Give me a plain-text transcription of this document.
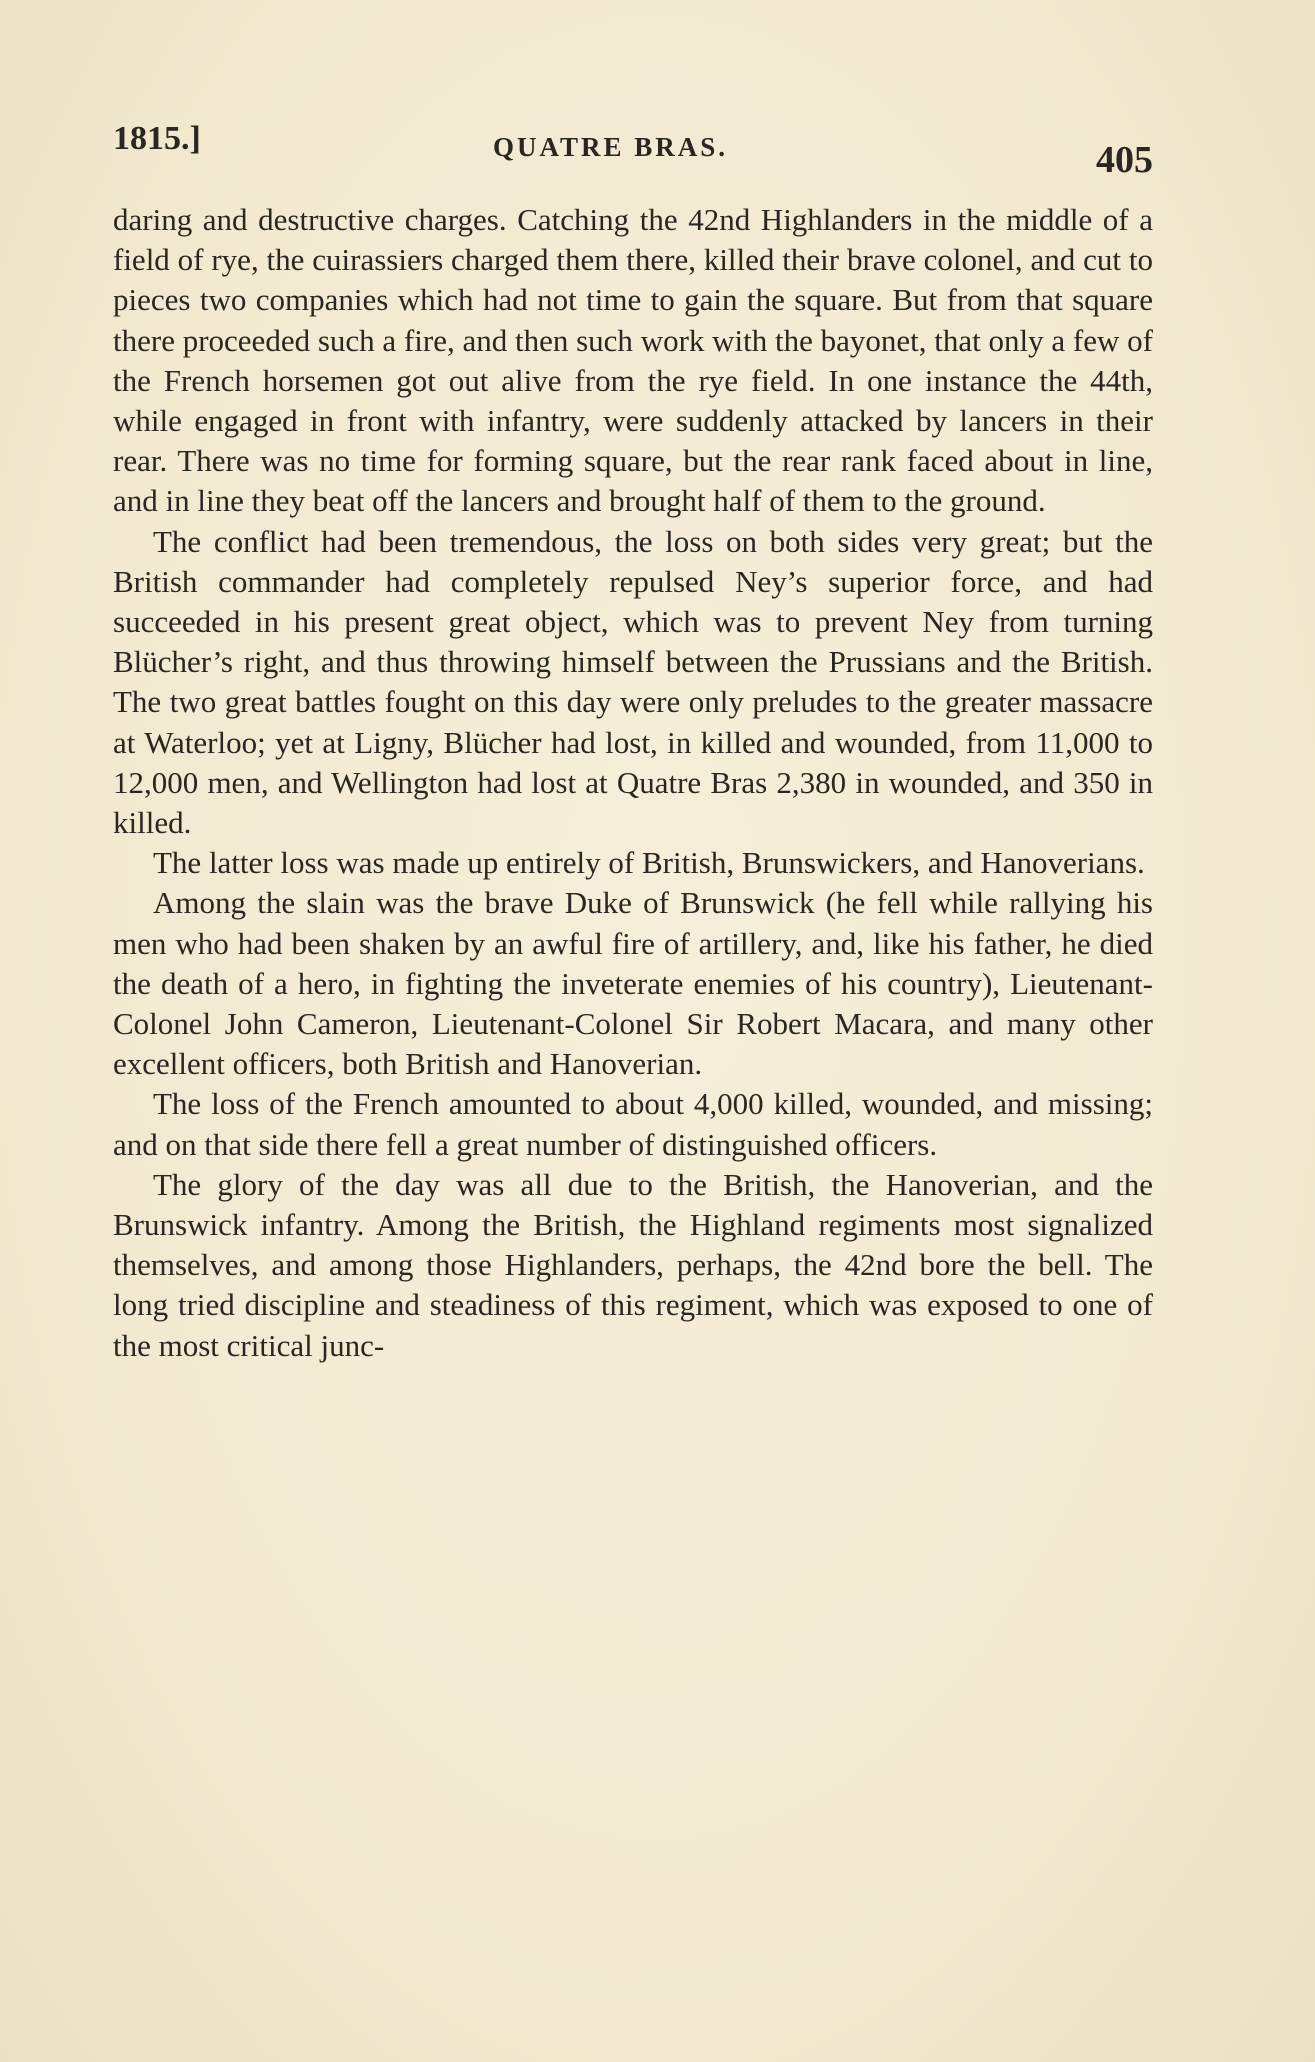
1815.]	QUATRE BRAS.	405

daring and destructive charges. Catching the 42nd Highlanders in the middle of a field of rye, the cuirassiers charged them there, killed their brave colonel, and cut to pieces two companies which had not time to gain the square. But from that square there proceeded such a fire, and then such work with the bayonet, that only a few of the French horsemen got out alive from the rye field. In one instance the 44th, while engaged in front with infantry, were suddenly attacked by lancers in their rear. There was no time for forming square, but the rear rank faced about in line, and in line they beat off the lancers and brought half of them to the ground.

The conflict had been tremendous, the loss on both sides very great; but the British commander had completely repulsed Ney’s superior force, and had succeeded in his present great object, which was to prevent Ney from turning Blücher’s right, and thus throwing himself between the Prussians and the British. The two great battles fought on this day were only preludes to the greater massacre at Waterloo; yet at Ligny, Blücher had lost, in killed and wounded, from 11,000 to 12,000 men, and Wellington had lost at Quatre Bras 2,380 in wounded, and 350 in killed.

The latter loss was made up entirely of British, Brunswickers, and Hanoverians.

Among the slain was the brave Duke of Brunswick (he fell while rallying his men who had been shaken by an awful fire of artillery, and, like his father, he died the death of a hero, in fighting the inveterate enemies of his country), Lieutenant-Colonel John Cameron, Lieutenant-Colonel Sir Robert Macara, and many other excellent officers, both British and Hanoverian.

The loss of the French amounted to about 4,000 killed, wounded, and missing; and on that side there fell a great number of distinguished officers.

The glory of the day was all due to the British, the Hanoverian, and the Brunswick infantry. Among the British, the Highland regiments most signalized themselves, and among those Highlanders, perhaps, the 42nd bore the bell. The long tried discipline and steadiness of this regiment, which was exposed to one of the most critical junc-
